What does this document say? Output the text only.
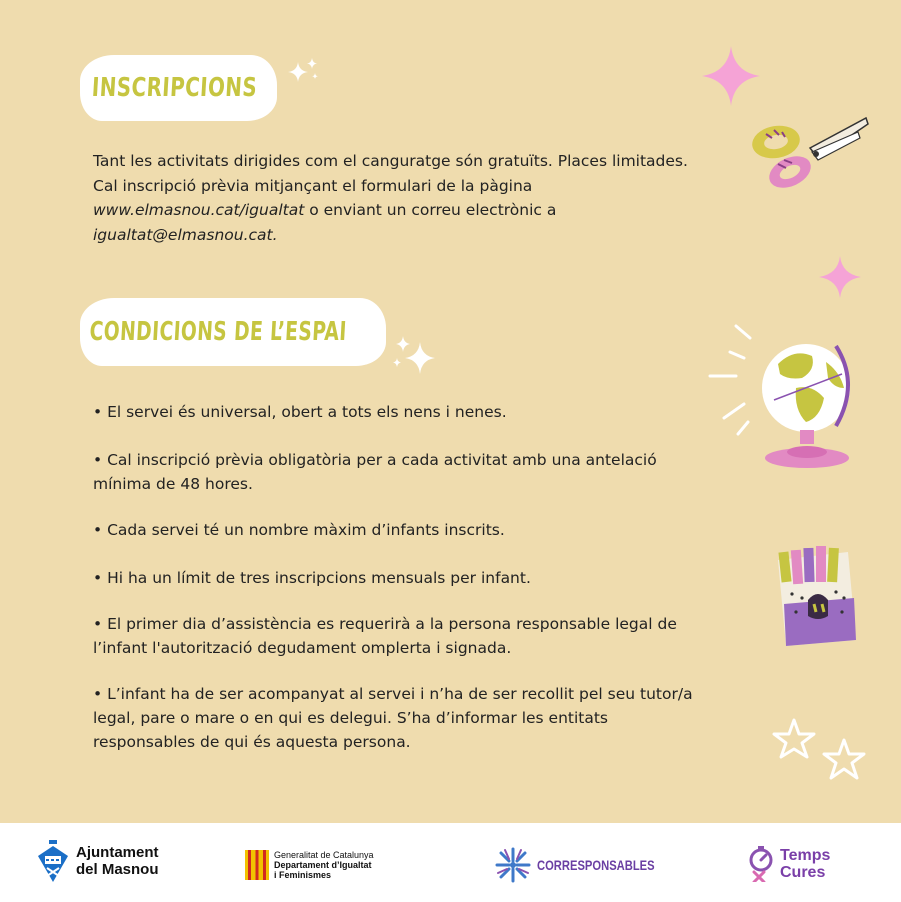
INSCRIPCIONS
Tant les activitats dirigides com el canguratge són gratuïts. Places limitades. Cal inscripció prèvia mitjançant el formulari de la pàgina www.elmasnou.cat/igualtat o enviant un correu electrònic a igualtat@elmasnou.cat.
CONDICIONS DE L’ESPAI
• El servei és universal, obert a tots els nens i nenes.
• Cal inscripció prèvia obligatòria per a cada activitat amb una antelació mínima de 48 hores.
• Cada servei té un nombre màxim d’infants inscrits.
• Hi ha un límit de tres inscripcions mensuals per infant.
• El primer dia d’assistència es requerirà a la persona responsable legal de l’infant l'autorització degudament omplerta i signada.
• L’infant ha de ser acompanyat al servei i n’ha de ser recollit pel seu tutor/a legal, pare o mare o en qui es delegui. S’ha d’informar les entitats responsables de qui és aquesta persona.
Ajuntament
del Masnou
Generalitat de Catalunya
Departament d’Igualtat
i Feminismes
CORRESPONSABLES
Temps
Cures
